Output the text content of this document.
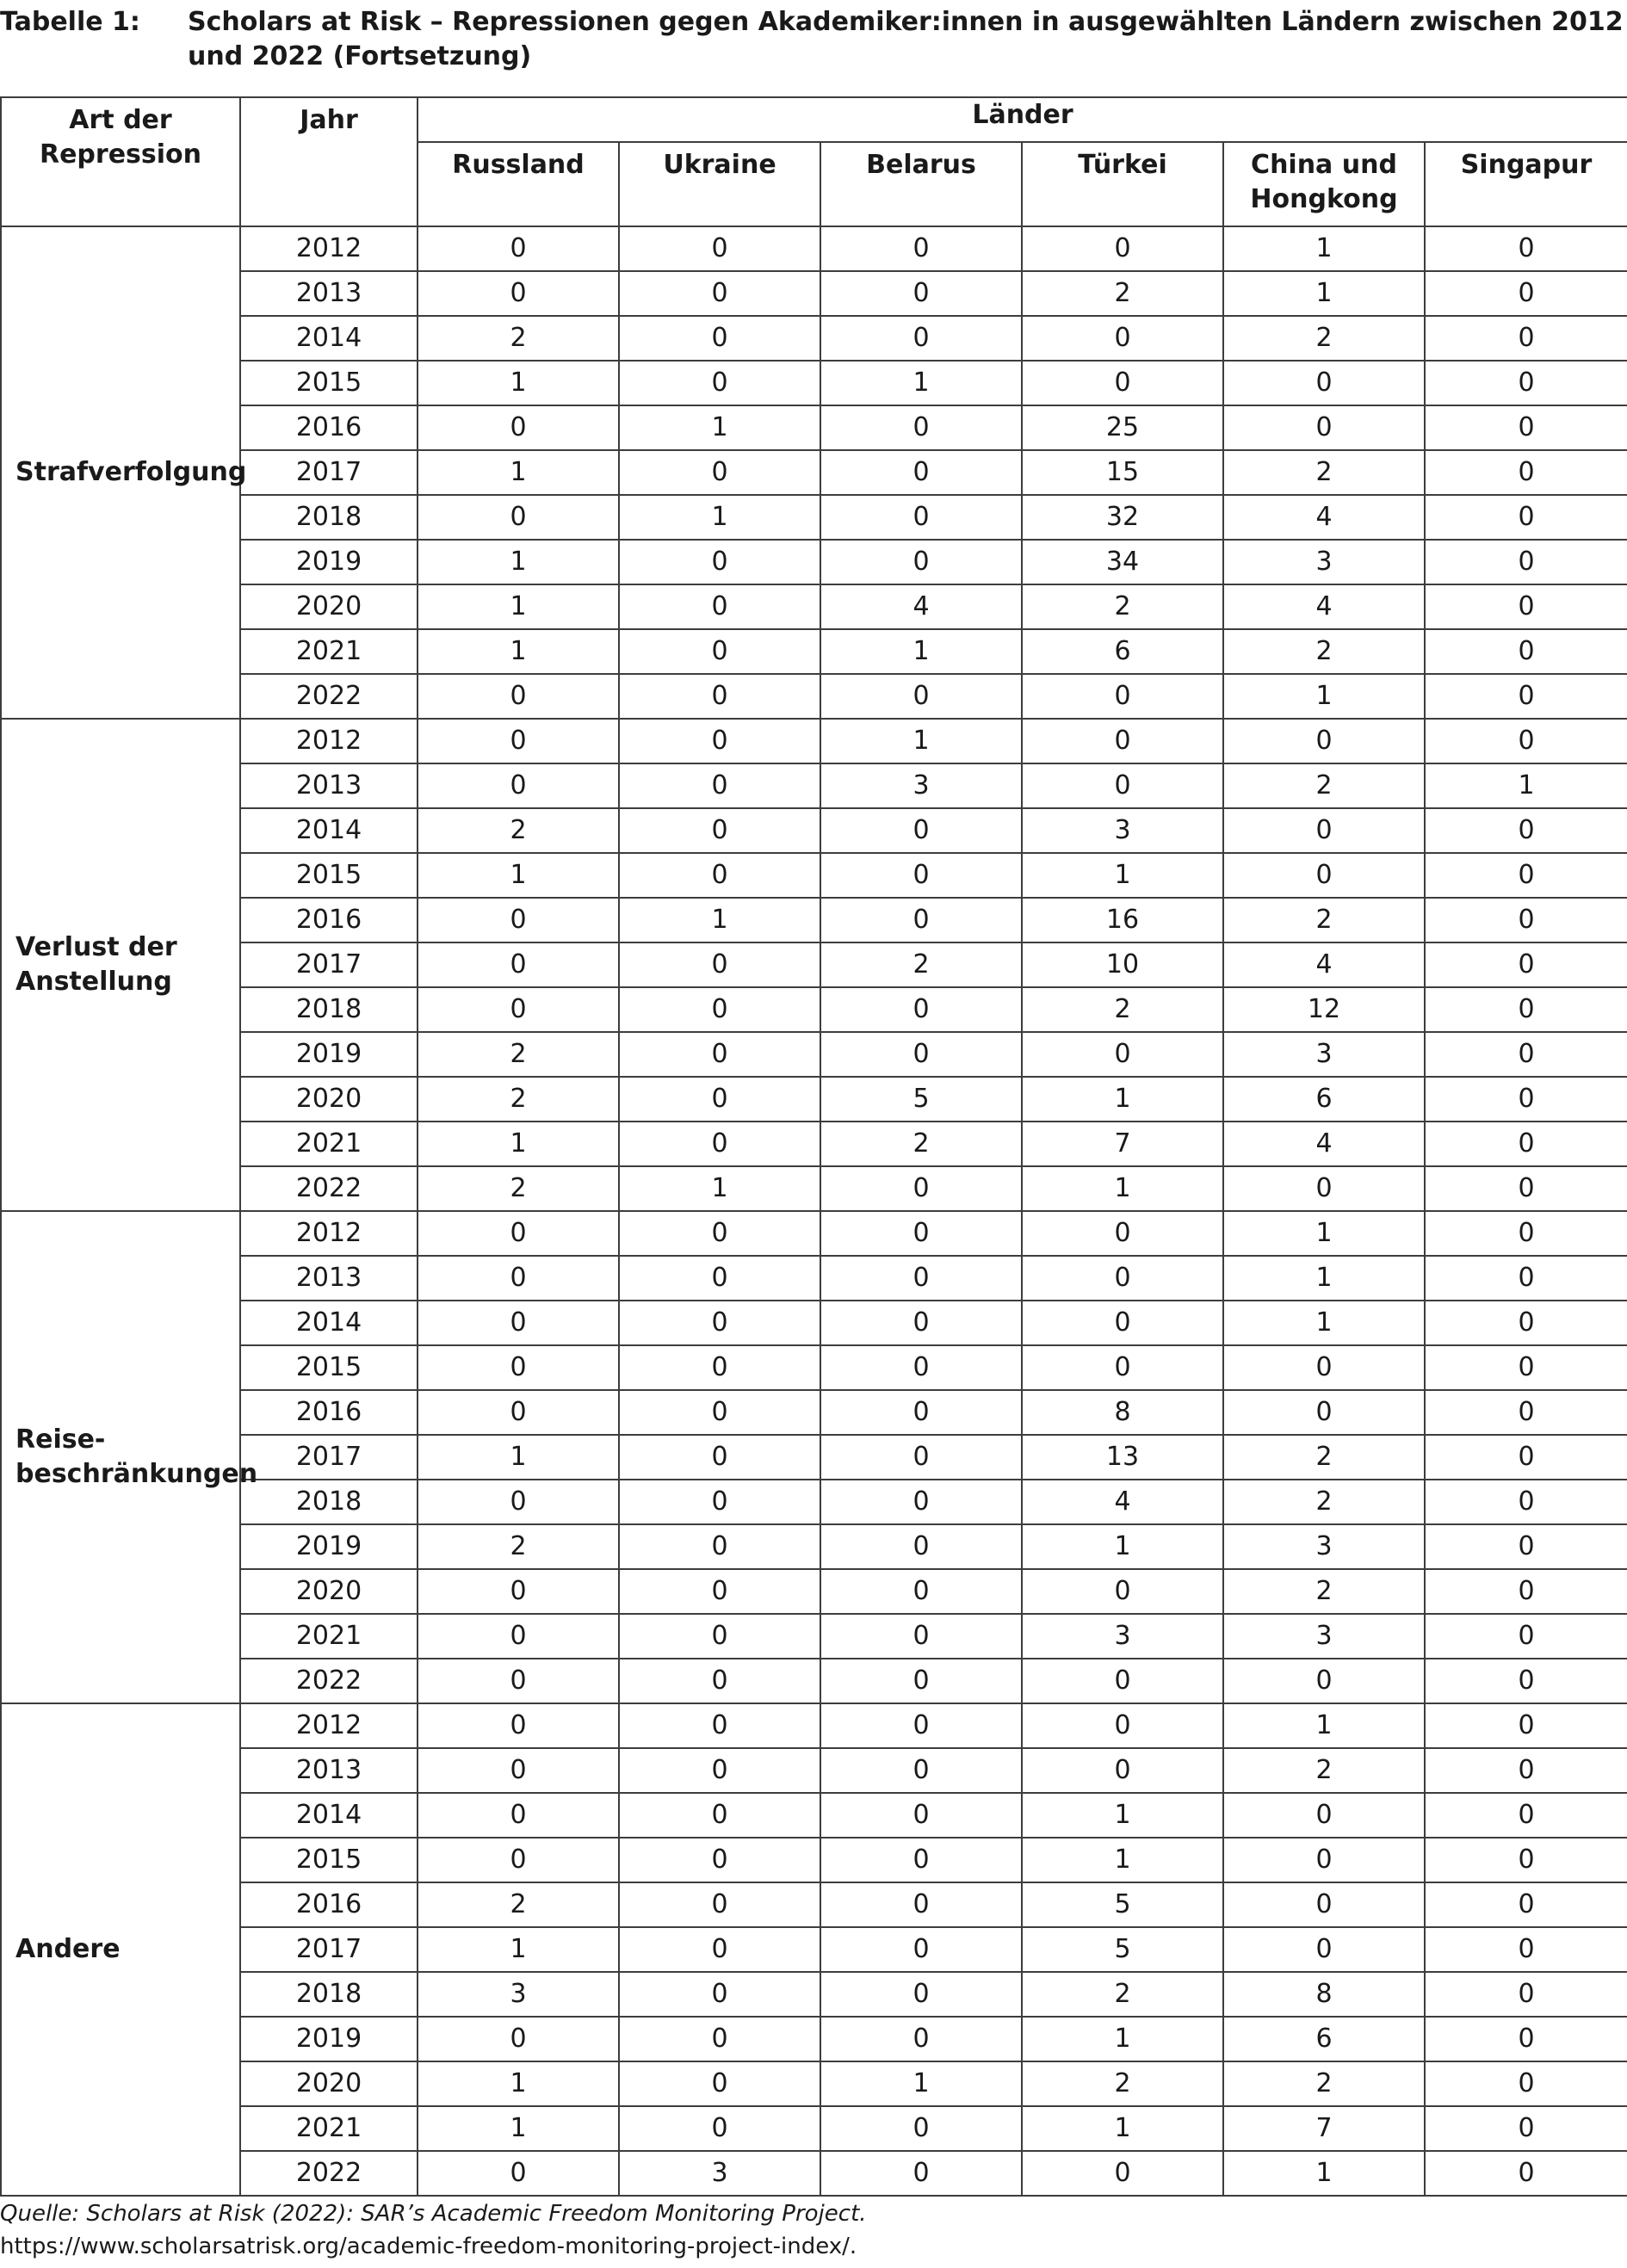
Tabelle 1: Scholars at Risk – Repressionen gegen Akademiker:innen in ausgewählten Ländern zwischen 2012 und 2022 (Fortsetzung)
Art der Repression	Jahr	Länder					
		Russland	Ukraine	Belarus	Türkei	China und Hongkong	Singapur
Strafverfolgung	2012	0	0	0	0	1	0
	2013	0	0	0	2	1	0
	2014	2	0	0	0	2	0
	2015	1	0	1	0	0	0
	2016	0	1	0	25	0	0
	2017	1	0	0	15	2	0
	2018	0	1	0	32	4	0
	2019	1	0	0	34	3	0
	2020	1	0	4	2	4	0
	2021	1	0	1	6	2	0
	2022	0	0	0	0	1	0
Verlust der Anstellung	2012	0	0	1	0	0	0
	2013	0	0	3	0	2	1
	2014	2	0	0	3	0	0
	2015	1	0	0	1	0	0
	2016	0	1	0	16	2	0
	2017	0	0	2	10	4	0
	2018	0	0	0	2	12	0
	2019	2	0	0	0	3	0
	2020	2	0	5	1	6	0
	2021	1	0	2	7	4	0
	2022	2	1	0	1	0	0
Reise-beschränkungen	2012	0	0	0	0	1	0
	2013	0	0	0	0	1	0
	2014	0	0	0	0	1	0
	2015	0	0	0	0	0	0
	2016	0	0	0	8	0	0
	2017	1	0	0	13	2	0
	2018	0	0	0	4	2	0
	2019	2	0	0	1	3	0
	2020	0	0	0	0	2	0
	2021	0	0	0	3	3	0
	2022	0	0	0	0	0	0
Andere	2012	0	0	0	0	1	0
	2013	0	0	0	0	2	0
	2014	0	0	0	1	0	0
	2015	0	0	0	1	0	0
	2016	2	0	0	5	0	0
	2017	1	0	0	5	0	0
	2018	3	0	0	2	8	0
	2019	0	0	0	1	6	0
	2020	1	0	1	2	2	0
	2021	1	0	0	1	7	0
	2022	0	3	0	0	1	0
Quelle: Scholars at Risk (2022): SAR’s Academic Freedom Monitoring Project.
https://www.scholarsatrisk.org/academic-freedom-monitoring-project-index/.
